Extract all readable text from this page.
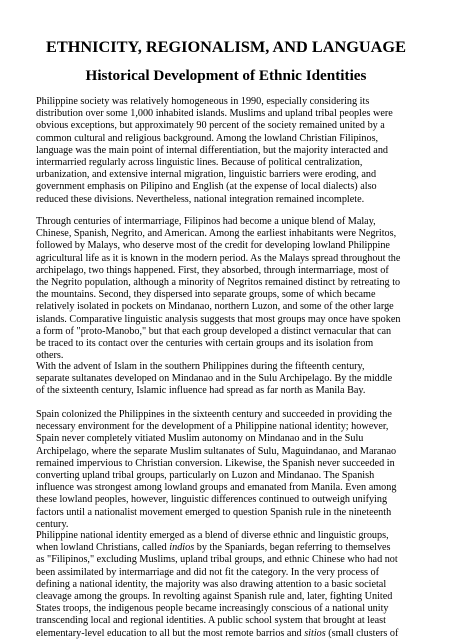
ETHNICITY, REGIONALISM, AND LANGUAGE
Historical Development of Ethnic Identities
Philippine society was relatively homogeneous in 1990, especially considering its
distribution over some 1,000 inhabited islands. Muslims and upland tribal peoples were
obvious exceptions, but approximately 90 percent of the society remained united by a
common cultural and religious background. Among the lowland Christian Filipinos,
language was the main point of internal differentiation, but the majority interacted and
intermarried regularly across linguistic lines. Because of political centralization,
urbanization, and extensive internal migration, linguistic barriers were eroding, and
government emphasis on Pilipino and English (at the expense of local dialects) also
reduced these divisions. Nevertheless, national integration remained incomplete.
Through centuries of intermarriage, Filipinos had become a unique blend of Malay,
Chinese, Spanish, Negrito, and American. Among the earliest inhabitants were Negritos,
followed by Malays, who deserve most of the credit for developing lowland Philippine
agricultural life as it is known in the modern period. As the Malays spread throughout the
archipelago, two things happened. First, they absorbed, through intermarriage, most of
the Negrito population, although a minority of Negritos remained distinct by retreating to
the mountains. Second, they dispersed into separate groups, some of which became
relatively isolated in pockets on Mindanao, northern Luzon, and some of the other large
islands. Comparative linguistic analysis suggests that most groups may once have spoken
a form of "proto-Manobo," but that each group developed a distinct vernacular that can
be traced to its contact over the centuries with certain groups and its isolation from
others.
With the advent of Islam in the southern Philippines during the fifteenth century,
separate sultanates developed on Mindanao and in the Sulu Archipelago. By the middle
of the sixteenth century, Islamic influence had spread as far north as Manila Bay.
Spain colonized the Philippines in the sixteenth century and succeeded in providing the
necessary environment for the development of a Philippine national identity; however,
Spain never completely vitiated Muslim autonomy on Mindanao and in the Sulu
Archipelago, where the separate Muslim sultanates of Sulu, Maguindanao, and Maranao
remained impervious to Christian conversion. Likewise, the Spanish never succeeded in
converting upland tribal groups, particularly on Luzon and Mindanao. The Spanish
influence was strongest among lowland groups and emanated from Manila. Even among
these lowland peoples, however, linguistic differences continued to outweigh unifying
factors until a nationalist movement emerged to question Spanish rule in the nineteenth
century.
Philippine national identity emerged as a blend of diverse ethnic and linguistic groups,
when lowland Christians, called indios by the Spaniards, began referring to themselves
as "Filipinos," excluding Muslims, upland tribal groups, and ethnic Chinese who had not
been assimilated by intermarriage and did not fit the category. In the very process of
defining a national identity, the majority was also drawing attention to a basic societal
cleavage among the groups. In revolting against Spanish rule and, later, fighting United
States troops, the indigenous people became increasingly conscious of a national unity
transcending local and regional identities. A public school system that brought at least
elementary-level education to all but the most remote barrios and sitios (small clusters of
